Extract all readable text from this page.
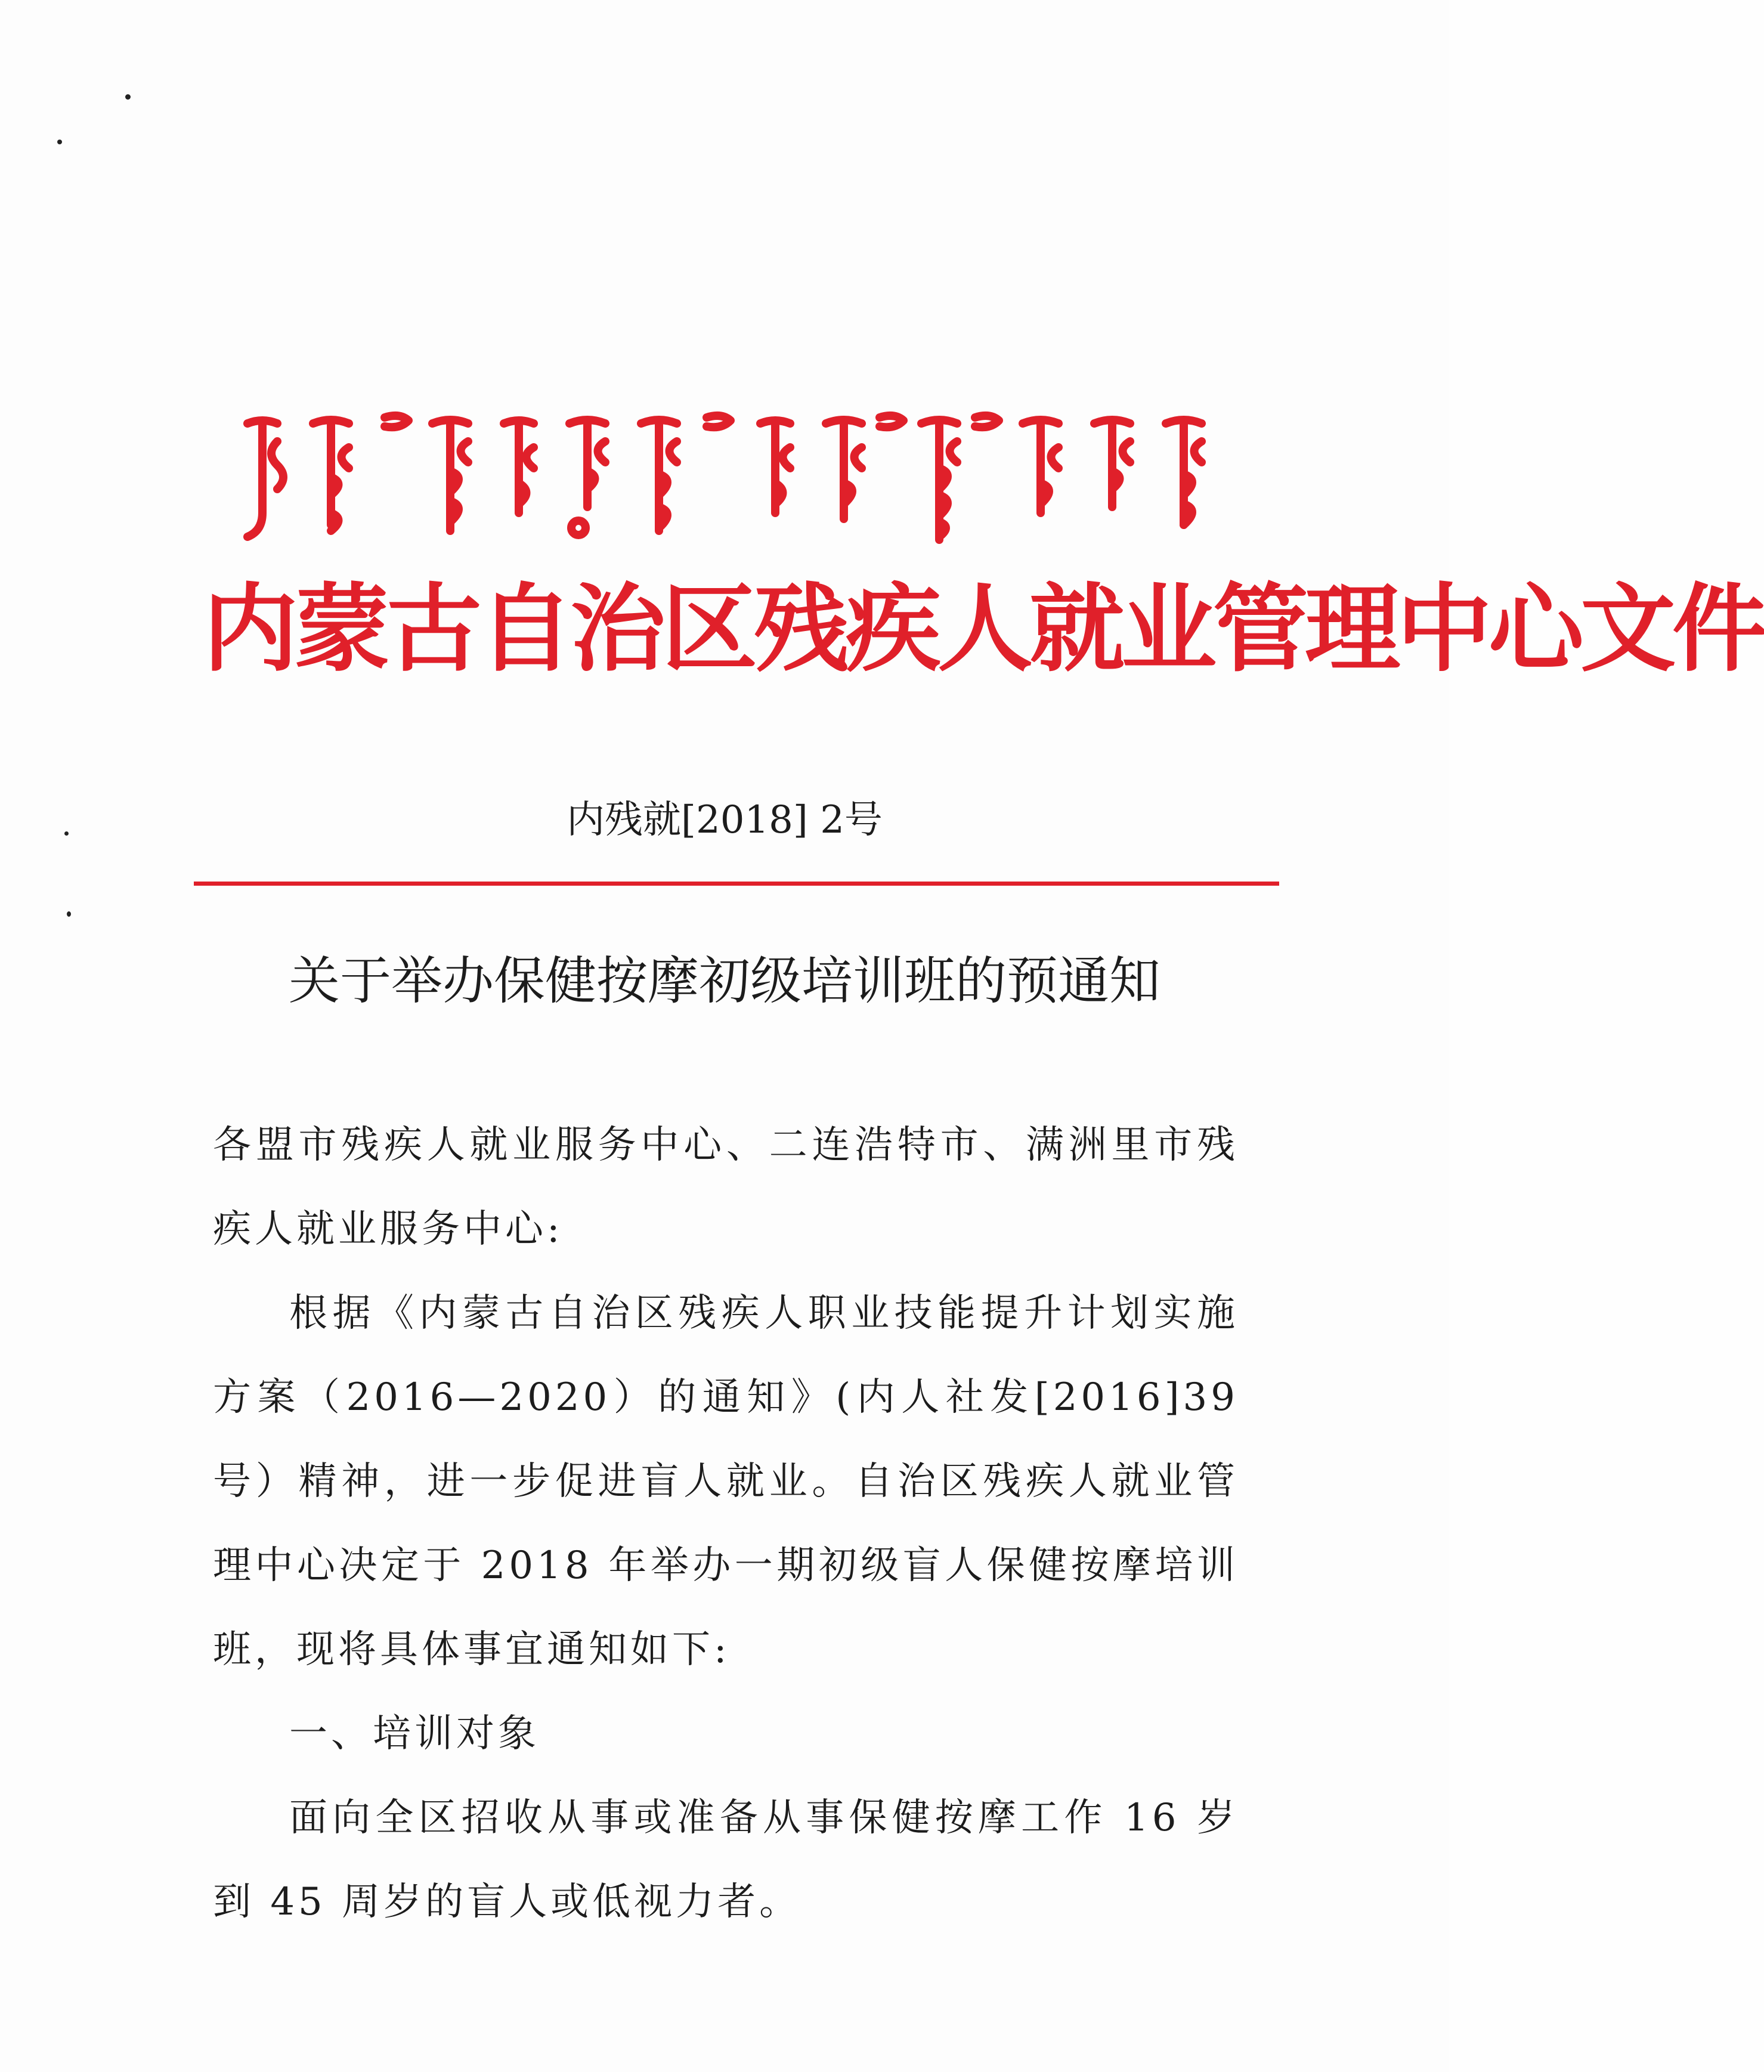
内蒙古自治区残疾人就业管理中心文件
内残就[2018] 2号
关于举办保健按摩初级培训班的预通知

各盟市残疾人就业服务中心、二连浩特市、满洲里市残疾人就业服务中心:

根据《内蒙古自治区残疾人职业技能提升计划实施方案（2016—2020）的通知》(内人社发[2016]39 号）精神，进一步促进盲人就业。自治区残疾人就业管理中心决定于 2018 年举办一期初级盲人保健按摩培训班，现将具体事宜通知如下:

一、培训对象

面向全区招收从事或准备从事保健按摩工作 16 岁到 45 周岁的盲人或低视力者。
